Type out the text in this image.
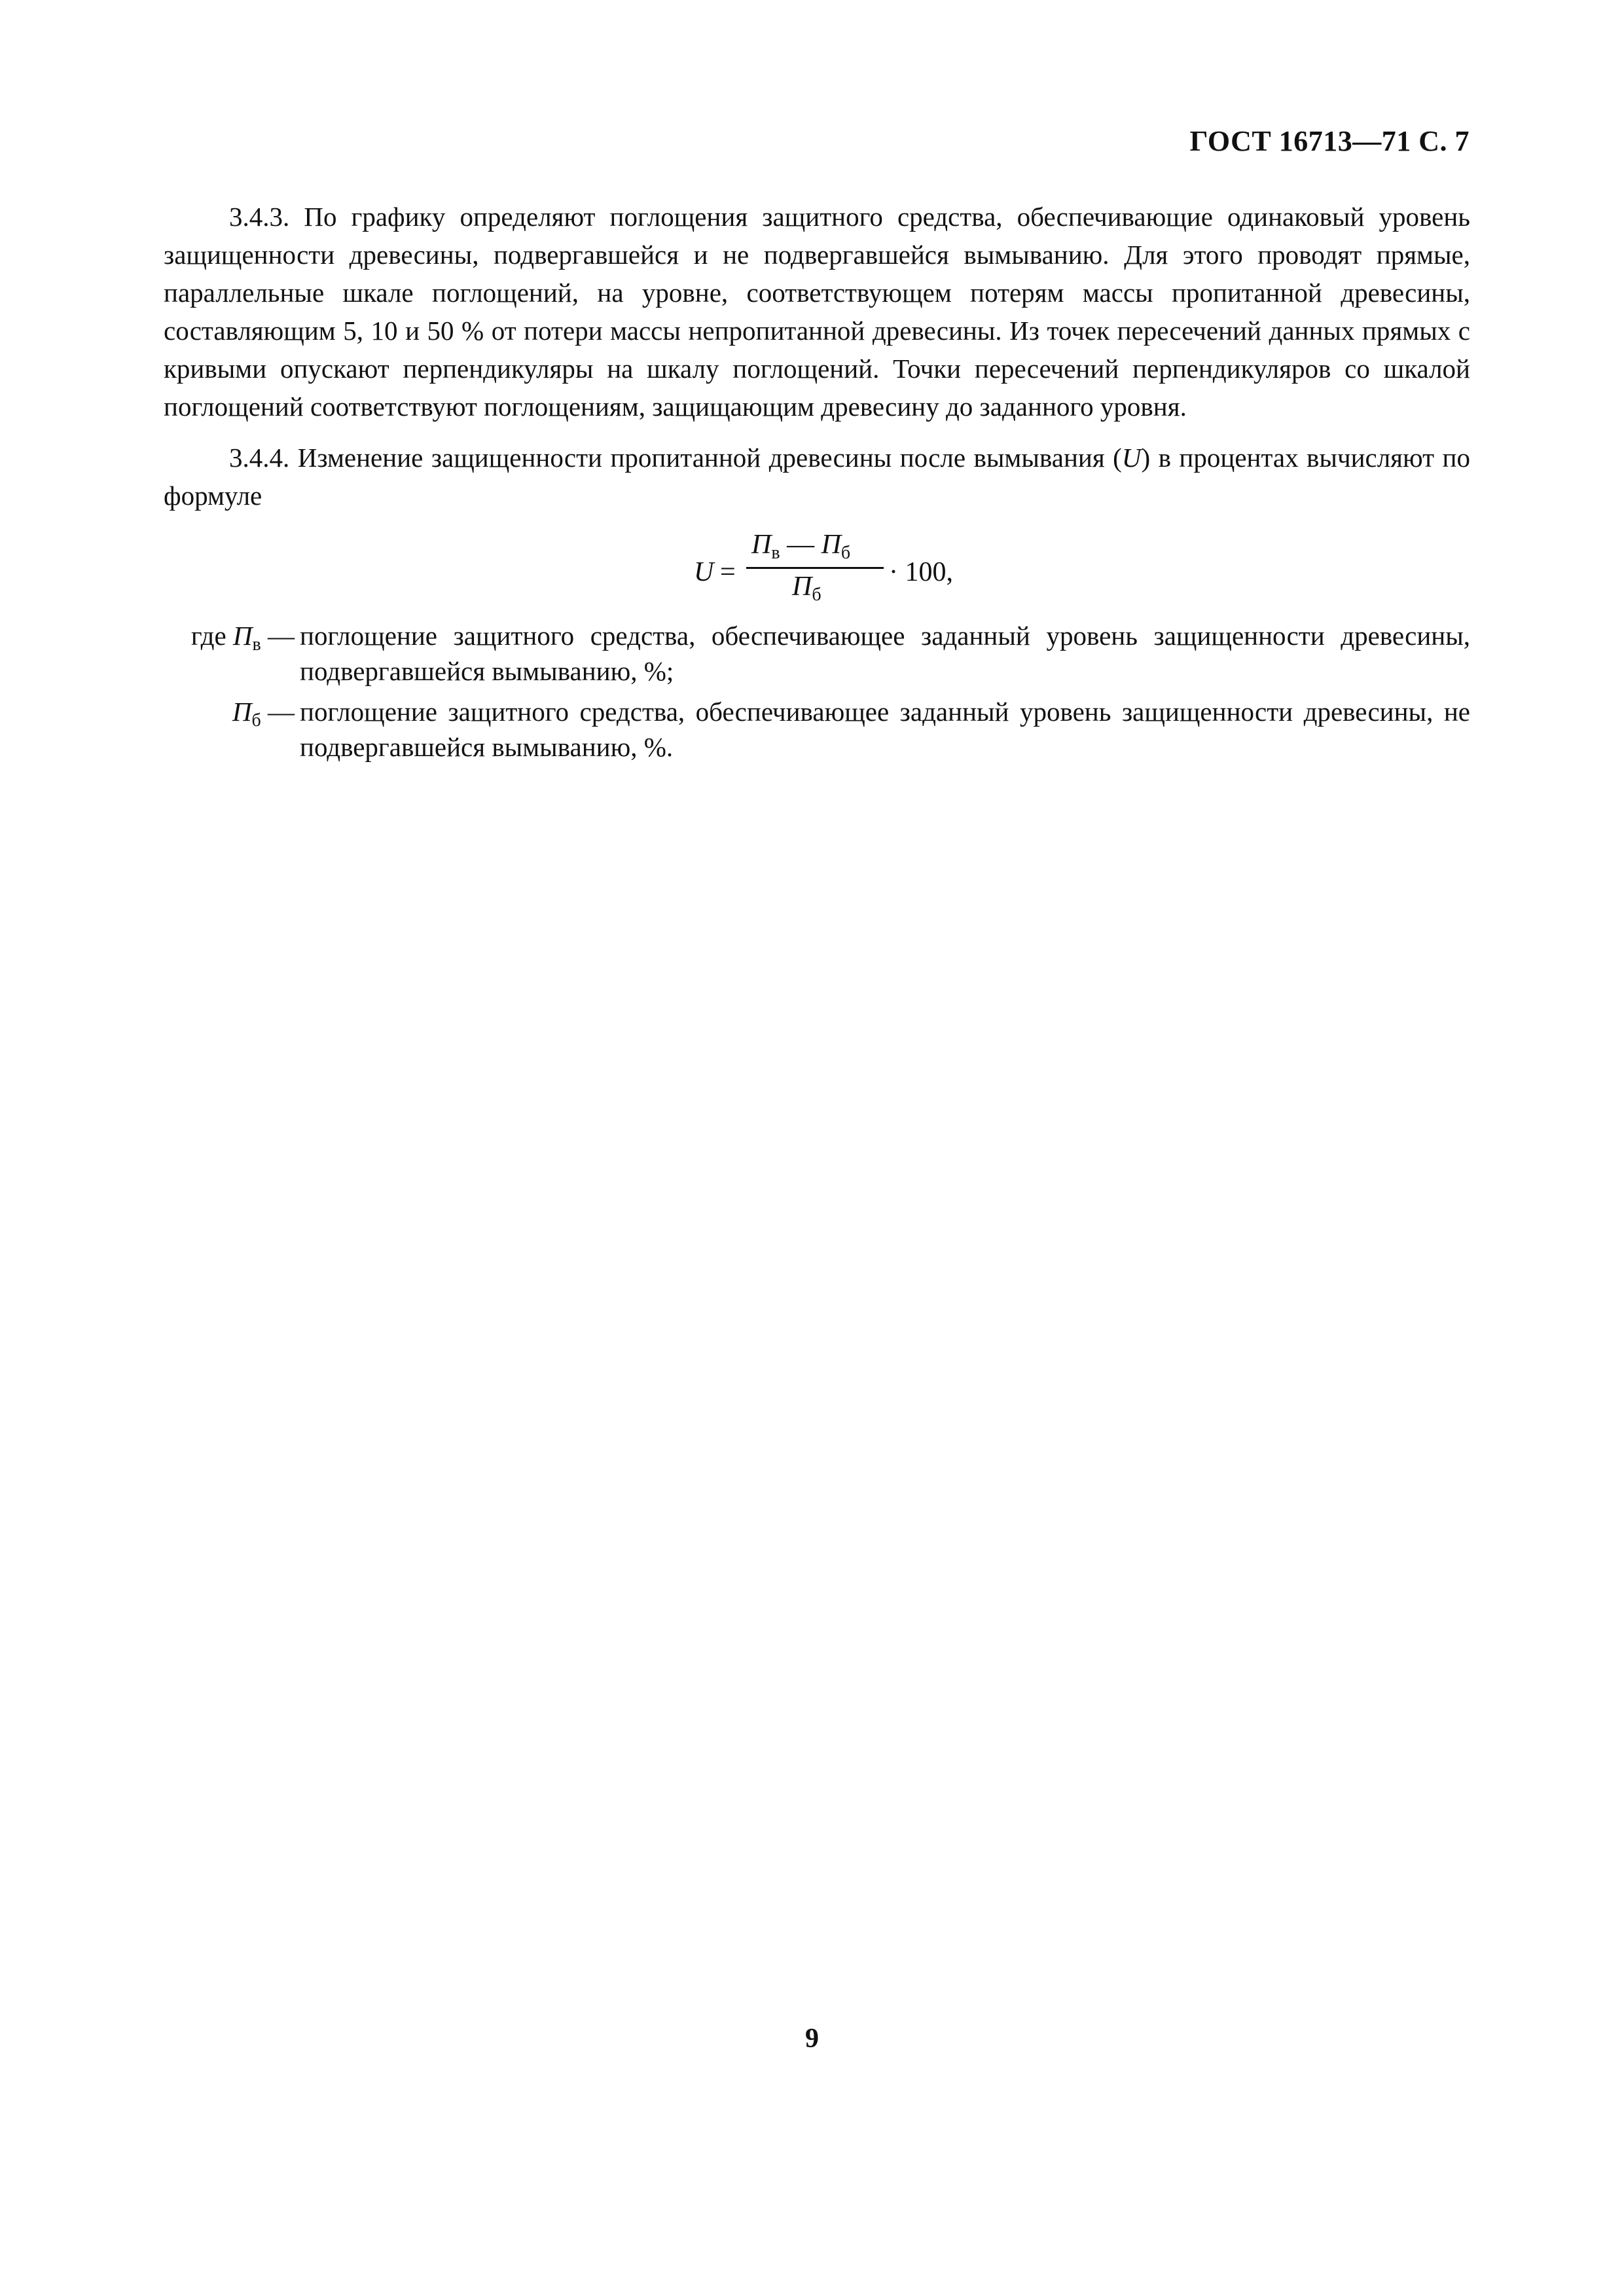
ГОСТ 16713—71 С. 7

3.4.3. По графику определяют поглощения защитного средства, обеспечивающие одинаковый уровень защищенности древесины, подвергавшейся и не подвергавшейся вымыванию. Для этого проводят прямые, параллельные шкале поглощений, на уровне, соответствующем потерям массы пропитанной древесины, составляющим 5, 10 и 50 % от потери массы непропитанной древесины. Из точек пересечений данных прямых с кривыми опускают перпендикуляры на шкалу поглощений. Точки пересечений перпендикуляров со шкалой поглощений соответствуют поглощениям, защищающим древесину до заданного уровня.

3.4.4. Изменение защищенности пропитанной древесины после вымывания (U) в процентах вычисляют по формуле

U =
$П_в$ — $П_б$
$П_б$
· 100,
где $П_в$ — поглощение защитного средства, обеспечивающее заданный уровень защищенности древесины, подвергавшейся вымыванию, %;
$П_б$ — поглощение защитного средства, обеспечивающее заданный уровень защищенности древесины, не подвергавшейся вымыванию, %.
9
